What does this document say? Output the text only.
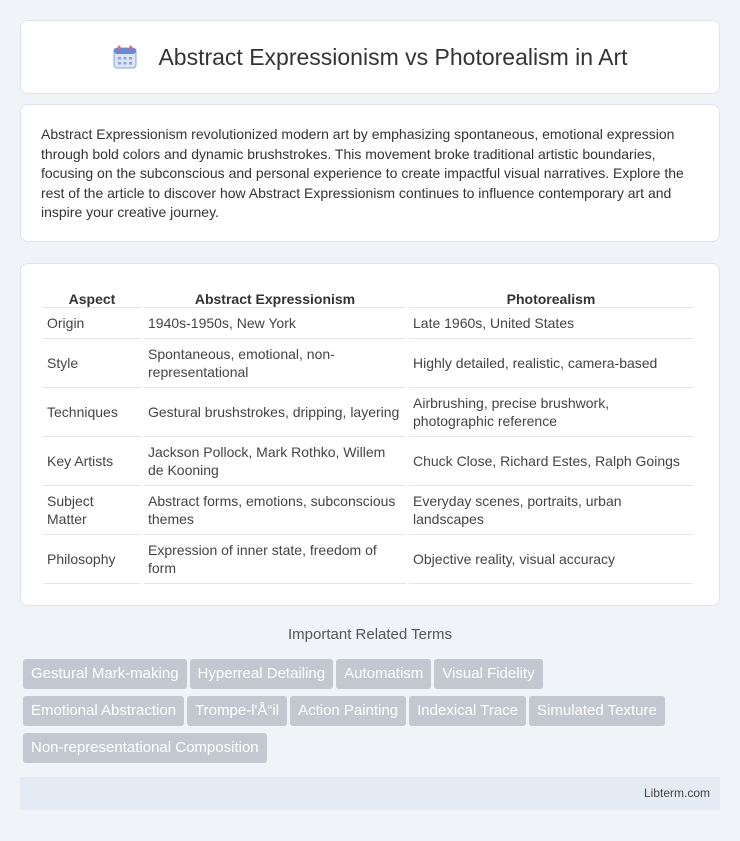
Abstract Expressionism vs Photorealism in Art

Abstract Expressionism revolutionized modern art by emphasizing spontaneous, emotional expression through bold colors and dynamic brushstrokes. This movement broke traditional artistic boundaries, focusing on the subconscious and personal experience to create impactful visual narratives. Explore the rest of the article to discover how Abstract Expressionism continues to influence contemporary art and inspire your creative journey.

Aspect	Abstract Expressionism	Photorealism
Origin	1940s-1950s, New York	Late 1960s, United States
Style	Spontaneous, emotional, non-representational	Highly detailed, realistic, camera-based
Techniques	Gestural brushstrokes, dripping, layering	Airbrushing, precise brushwork, photographic reference
Key Artists	Jackson Pollock, Mark Rothko, Willem de Kooning	Chuck Close, Richard Estes, Ralph Goings
Subject Matter	Abstract forms, emotions, subconscious themes	Everyday scenes, portraits, urban landscapes
Philosophy	Expression of inner state, freedom of form	Objective reality, visual accuracy
Important Related Terms
Gestural Mark-making Hyperreal Detailing Automatism Visual Fidelity
Emotional Abstraction Trompe-l'Å“il Action Painting Indexical Trace Simulated Texture
Non-representational Composition
Libterm.com
